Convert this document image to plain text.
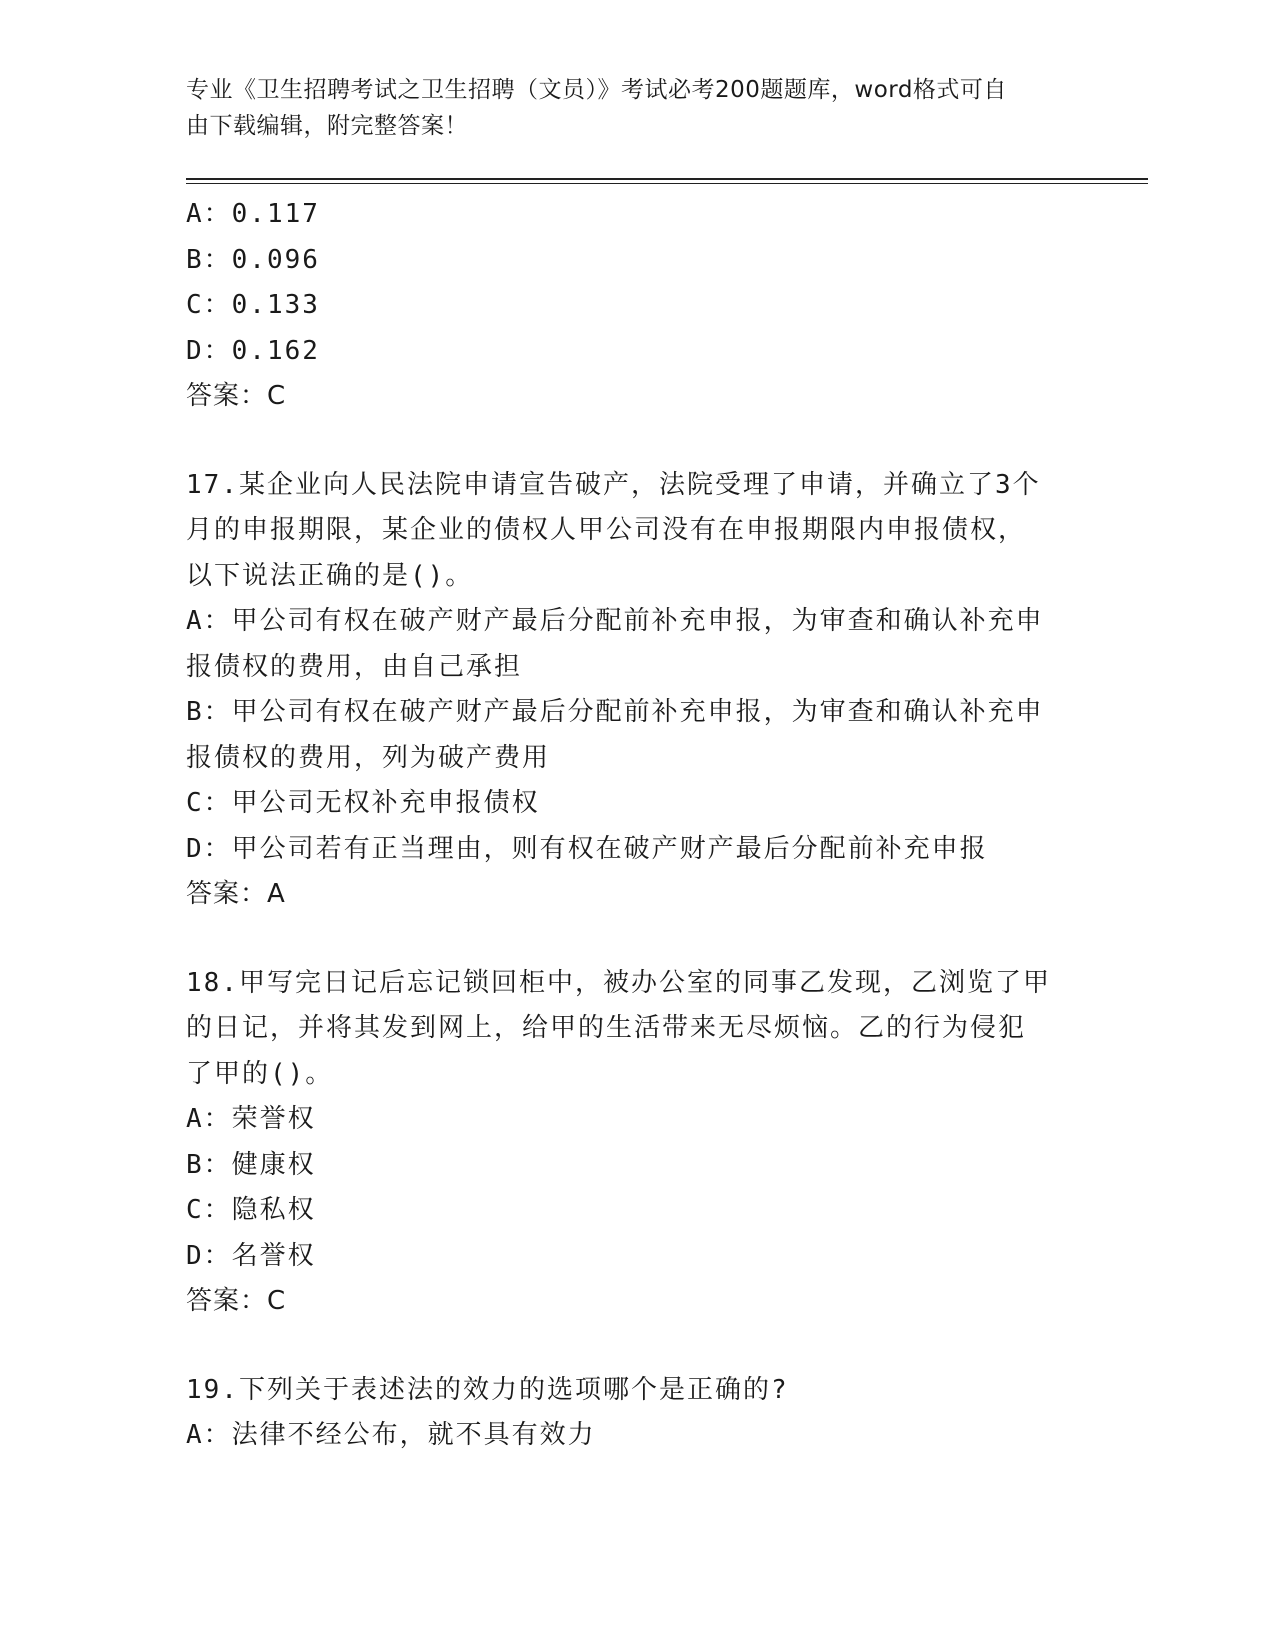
专业《卫生招聘考试之卫生招聘（文员）》考试必考200题题库，word格式可自
由下载编辑，附完整答案！
A：0.117
B：0.096
C：0.133
D：0.162
答案：C
17.某企业向人民法院申请宣告破产，法院受理了申请，并确立了3个
月的申报期限，某企业的债权人甲公司没有在申报期限内申报债权，
以下说法正确的是()。
A：甲公司有权在破产财产最后分配前补充申报，为审查和确认补充申
报债权的费用，由自己承担
B：甲公司有权在破产财产最后分配前补充申报，为审查和确认补充申
报债权的费用，列为破产费用
C：甲公司无权补充申报债权
D：甲公司若有正当理由，则有权在破产财产最后分配前补充申报
答案：A
18.甲写完日记后忘记锁回柜中，被办公室的同事乙发现，乙浏览了甲
的日记，并将其发到网上，给甲的生活带来无尽烦恼。乙的行为侵犯
了甲的()。
A：荣誉权
B：健康权
C：隐私权
D：名誉权
答案：C
19.下列关于表述法的效力的选项哪个是正确的?
A：法律不经公布，就不具有效力
